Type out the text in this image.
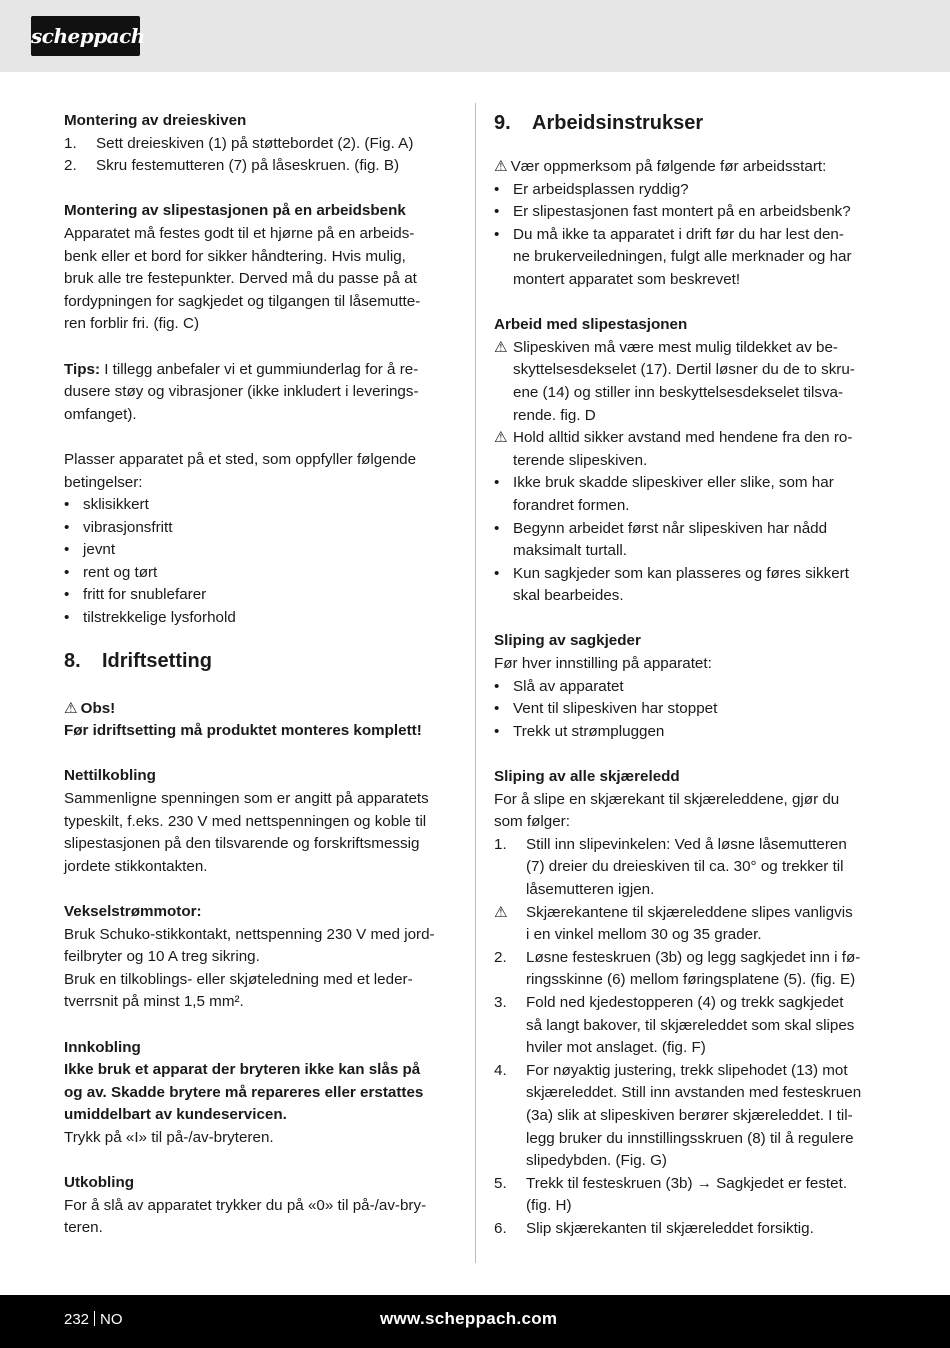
scheppach

Montering av dreieskiven

1. Sett dreieskiven (1) på støttebordet (2). (Fig. A)
2. Skru festemutteren (7) på låseskruen. (fig. B)

Montering av slipestasjonen på en arbeidsbenk

Apparatet må festes godt til et hjørne på en arbeids-

benk eller et bord for sikker håndtering. Hvis mulig,

bruk alle tre festepunkter. Derved må du passe på at

fordypningen for sagkjedet og tilgangen til låsemutte-

ren forblir fri. (fig. C)

Tips: I tillegg anbefaler vi et gummiunderlag for å re-

dusere støy og vibrasjoner (ikke inkludert i leverings-

omfanget).

Plasser apparatet på et sted, som oppfyller følgende

betingelser:

• sklisikkert
• vibrasjonsfritt
• jevnt
• rent og tørt
• fritt for snublefarer
• tilstrekkelige lysforhold

8. Idriftsetting

⚠ Obs!

Før idriftsetting må produktet monteres komplett!

Nettilkobling

Sammenligne spenningen som er angitt på apparatets

typeskilt, f.eks. 230 V med nettspenningen og koble til

slipestasjonen på den tilsvarende og forskriftsmessig

jordete stikkontakten.

Vekselstrømmotor:

Bruk Schuko-stikkontakt, nettspenning 230 V med jord-

feilbryter og 10 A treg sikring.

Bruk en tilkoblings- eller skjøteledning med et leder-

tverrsnit på minst 1,5 mm².

Innkobling

Ikke bruk et apparat der bryteren ikke kan slås på

og av. Skadde brytere må repareres eller erstattes

umiddelbart av kundeservicen.

Trykk på «I» til på-/av-bryteren.

Utkobling

For å slå av apparatet trykker du på «0» til på-/av-bry-

teren.

9. Arbeidsinstrukser

⚠ Vær oppmerksom på følgende før arbeidsstart:

• Er arbeidsplassen ryddig?
• Er slipestasjonen fast montert på en arbeidsbenk?
• Du må ikke ta apparatet i drift før du har lest den-
ne brukerveiledningen, fulgt alle merknader og har
montert apparatet som beskrevet!

Arbeid med slipestasjonen

⚠ Slipeskiven må være mest mulig tildekket av be-
skyttelsesdekselet (17). Dertil løsner du de to skru-
ene (14) og stiller inn beskyttelsesdekselet tilsva-
rende. fig. D
⚠ Hold alltid sikker avstand med hendene fra den ro-
terende slipeskiven.
• Ikke bruk skadde slipeskiver eller slike, som har
forandret formen.
• Begynn arbeidet først når slipeskiven har nådd
maksimalt turtall.
• Kun sagkjeder som kan plasseres og føres sikkert
skal bearbeides.

Sliping av sagkjeder

Før hver innstilling på apparatet:

• Slå av apparatet
• Vent til slipeskiven har stoppet
• Trekk ut strømpluggen

Sliping av alle skjæreledd

For å slipe en skjærekant til skjæreleddene, gjør du

som følger:

1. Still inn slipevinkelen: Ved å løsne låsemutteren
(7) dreier du dreieskiven til ca. 30° og trekker til
låsemutteren igjen.
⚠ Skjærekantene til skjæreleddene slipes vanligvis
i en vinkel mellom 30 og 35 grader.
2. Løsne festeskruen (3b) og legg sagkjedet inn i fø-
ringsskinne (6) mellom føringsplatene (5). (fig. E)
3. Fold ned kjedestopperen (4) og trekk sagkjedet
så langt bakover, til skjæreleddet som skal slipes
hviler mot anslaget. (fig. F)
4. For nøyaktig justering, trekk slipehodet (13) mot
skjæreleddet. Still inn avstanden med festeskruen
(3a) slik at slipeskiven berører skjæreleddet. I til-
legg bruker du innstillingsskruen (8) til å regulere
slipedybden. (Fig. G)
5. Trekk til festeskruen (3b) → Sagkjedet er festet.
(fig. H)
6. Slip skjærekanten til skjæreleddet forsiktig.
232 NO	www.scheppach.com
